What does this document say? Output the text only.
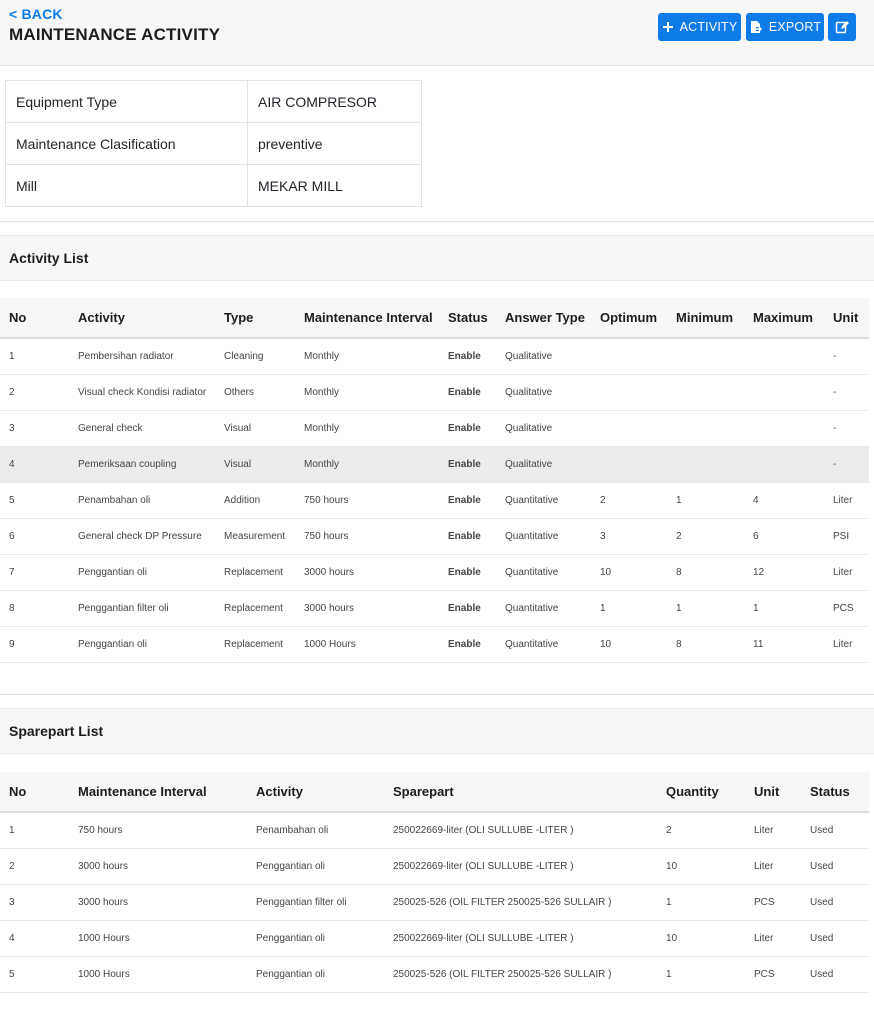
< BACK
MAINTENANCE ACTIVITY	ACTIVITY	EXPORT
Equipment Type	AIR COMPRESOR
Maintenance Clasification	preventive
Mill	MEKAR MILL
Activity List
No	Activity	Type	Maintenance Interval	Status	Answer Type	Optimum	Minimum	Maximum	Unit
1	Pembersihan radiator	Cleaning	Monthly	Enable	Qualitative				-
2	Visual check Kondisi radiator	Others	Monthly	Enable	Qualitative				-
3	General check	Visual	Monthly	Enable	Qualitative				-
4	Pemeriksaan coupling	Visual	Monthly	Enable	Qualitative				-
5	Penambahan oli	Addition	750 hours	Enable	Quantitative	2	1	4	Liter
6	General check DP Pressure	Measurement	750 hours	Enable	Quantitative	3	2	6	PSI
7	Penggantian oli	Replacement	3000 hours	Enable	Quantitative	10	8	12	Liter
8	Penggantian filter oli	Replacement	3000 hours	Enable	Quantitative	1	1	1	PCS
9	Penggantian oli	Replacement	1000 Hours	Enable	Quantitative	10	8	11	Liter
Sparepart List
No	Maintenance Interval	Activity	Sparepart	Quantity	Unit	Status
1	750 hours	Penambahan oli	250022669-liter (OLI SULLUBE -LITER )	2	Liter	Used
2	3000 hours	Penggantian oli	250022669-liter (OLI SULLUBE -LITER )	10	Liter	Used
3	3000 hours	Penggantian filter oli	250025-526 (OIL FILTER 250025-526 SULLAIR )	1	PCS	Used
4	1000 Hours	Penggantian oli	250022669-liter (OLI SULLUBE -LITER )	10	Liter	Used
5	1000 Hours	Penggantian oli	250025-526 (OIL FILTER 250025-526 SULLAIR )	1	PCS	Used
